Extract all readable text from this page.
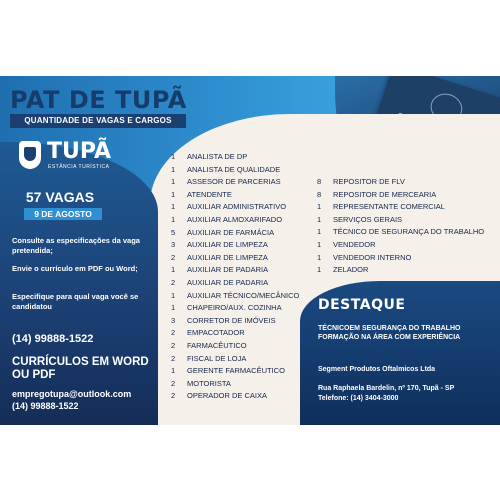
PAT DE TUPÃ
QUANTIDADE DE VAGAS E CARGOS
TUPÃ
ESTÂNCIA TURÍSTICA
57 VAGAS
9 DE AGOSTO
Consulte as especificações da vaga pretendida;
Envie o currículo em PDF ou Word;
Especifique para qual vaga você se candidatou
(14) 99888-1522
CURRÍCULOS EM WORD OU PDF
empregotupa@outlook.com
(14) 99888-1522
1 ANALISTA DE DP
1 ANALISTA DE QUALIDADE
1 ASSESOR DE PARCERIAS
1 ATENDENTE
1 AUXILIAR ADMINISTRATIVO
1 AUXILIAR ALMOXARIFADO
5 AUXILIAR DE FARMÁCIA
3 AUXILIAR DE LIMPEZA
2 AUXILIAR DE LIMPEZA
1 AUXILIAR DE PADARIA
2 AUXILIAR DE PADARIA
1 AUXILIAR TÉCNICO/MECÂNICO
1 CHAPEIRO/AUX. COZINHA
3 CORRETOR DE IMÓVEIS
2 EMPACOTADOR
2 FARMACÊUTICO
2 FISCAL DE LOJA
1 GERENTE FARMACÊUTICO
2 MOTORISTA
2 OPERADOR DE CAIXA
8 REPOSITOR DE FLV
8 REPOSITOR DE MERCEARIA
1 REPRESENTANTE COMERCIAL
1 SERVIÇOS GERAIS
1 TÉCNICO DE SEGURANÇA DO TRABALHO
1 VENDEDOR
1 VENDEDOR INTERNO
1 ZELADOR
DESTAQUE
TÉCNICOEM SEGURANÇA DO TRABALHO FORMAÇÃO NA ÁREA COM EXPERIÊNCIA
Segment Produtos Oftalmicos Ltda
Rua Raphaela Bardelin, nº 170, Tupã - SP
Telefone: (14) 3404-3000
